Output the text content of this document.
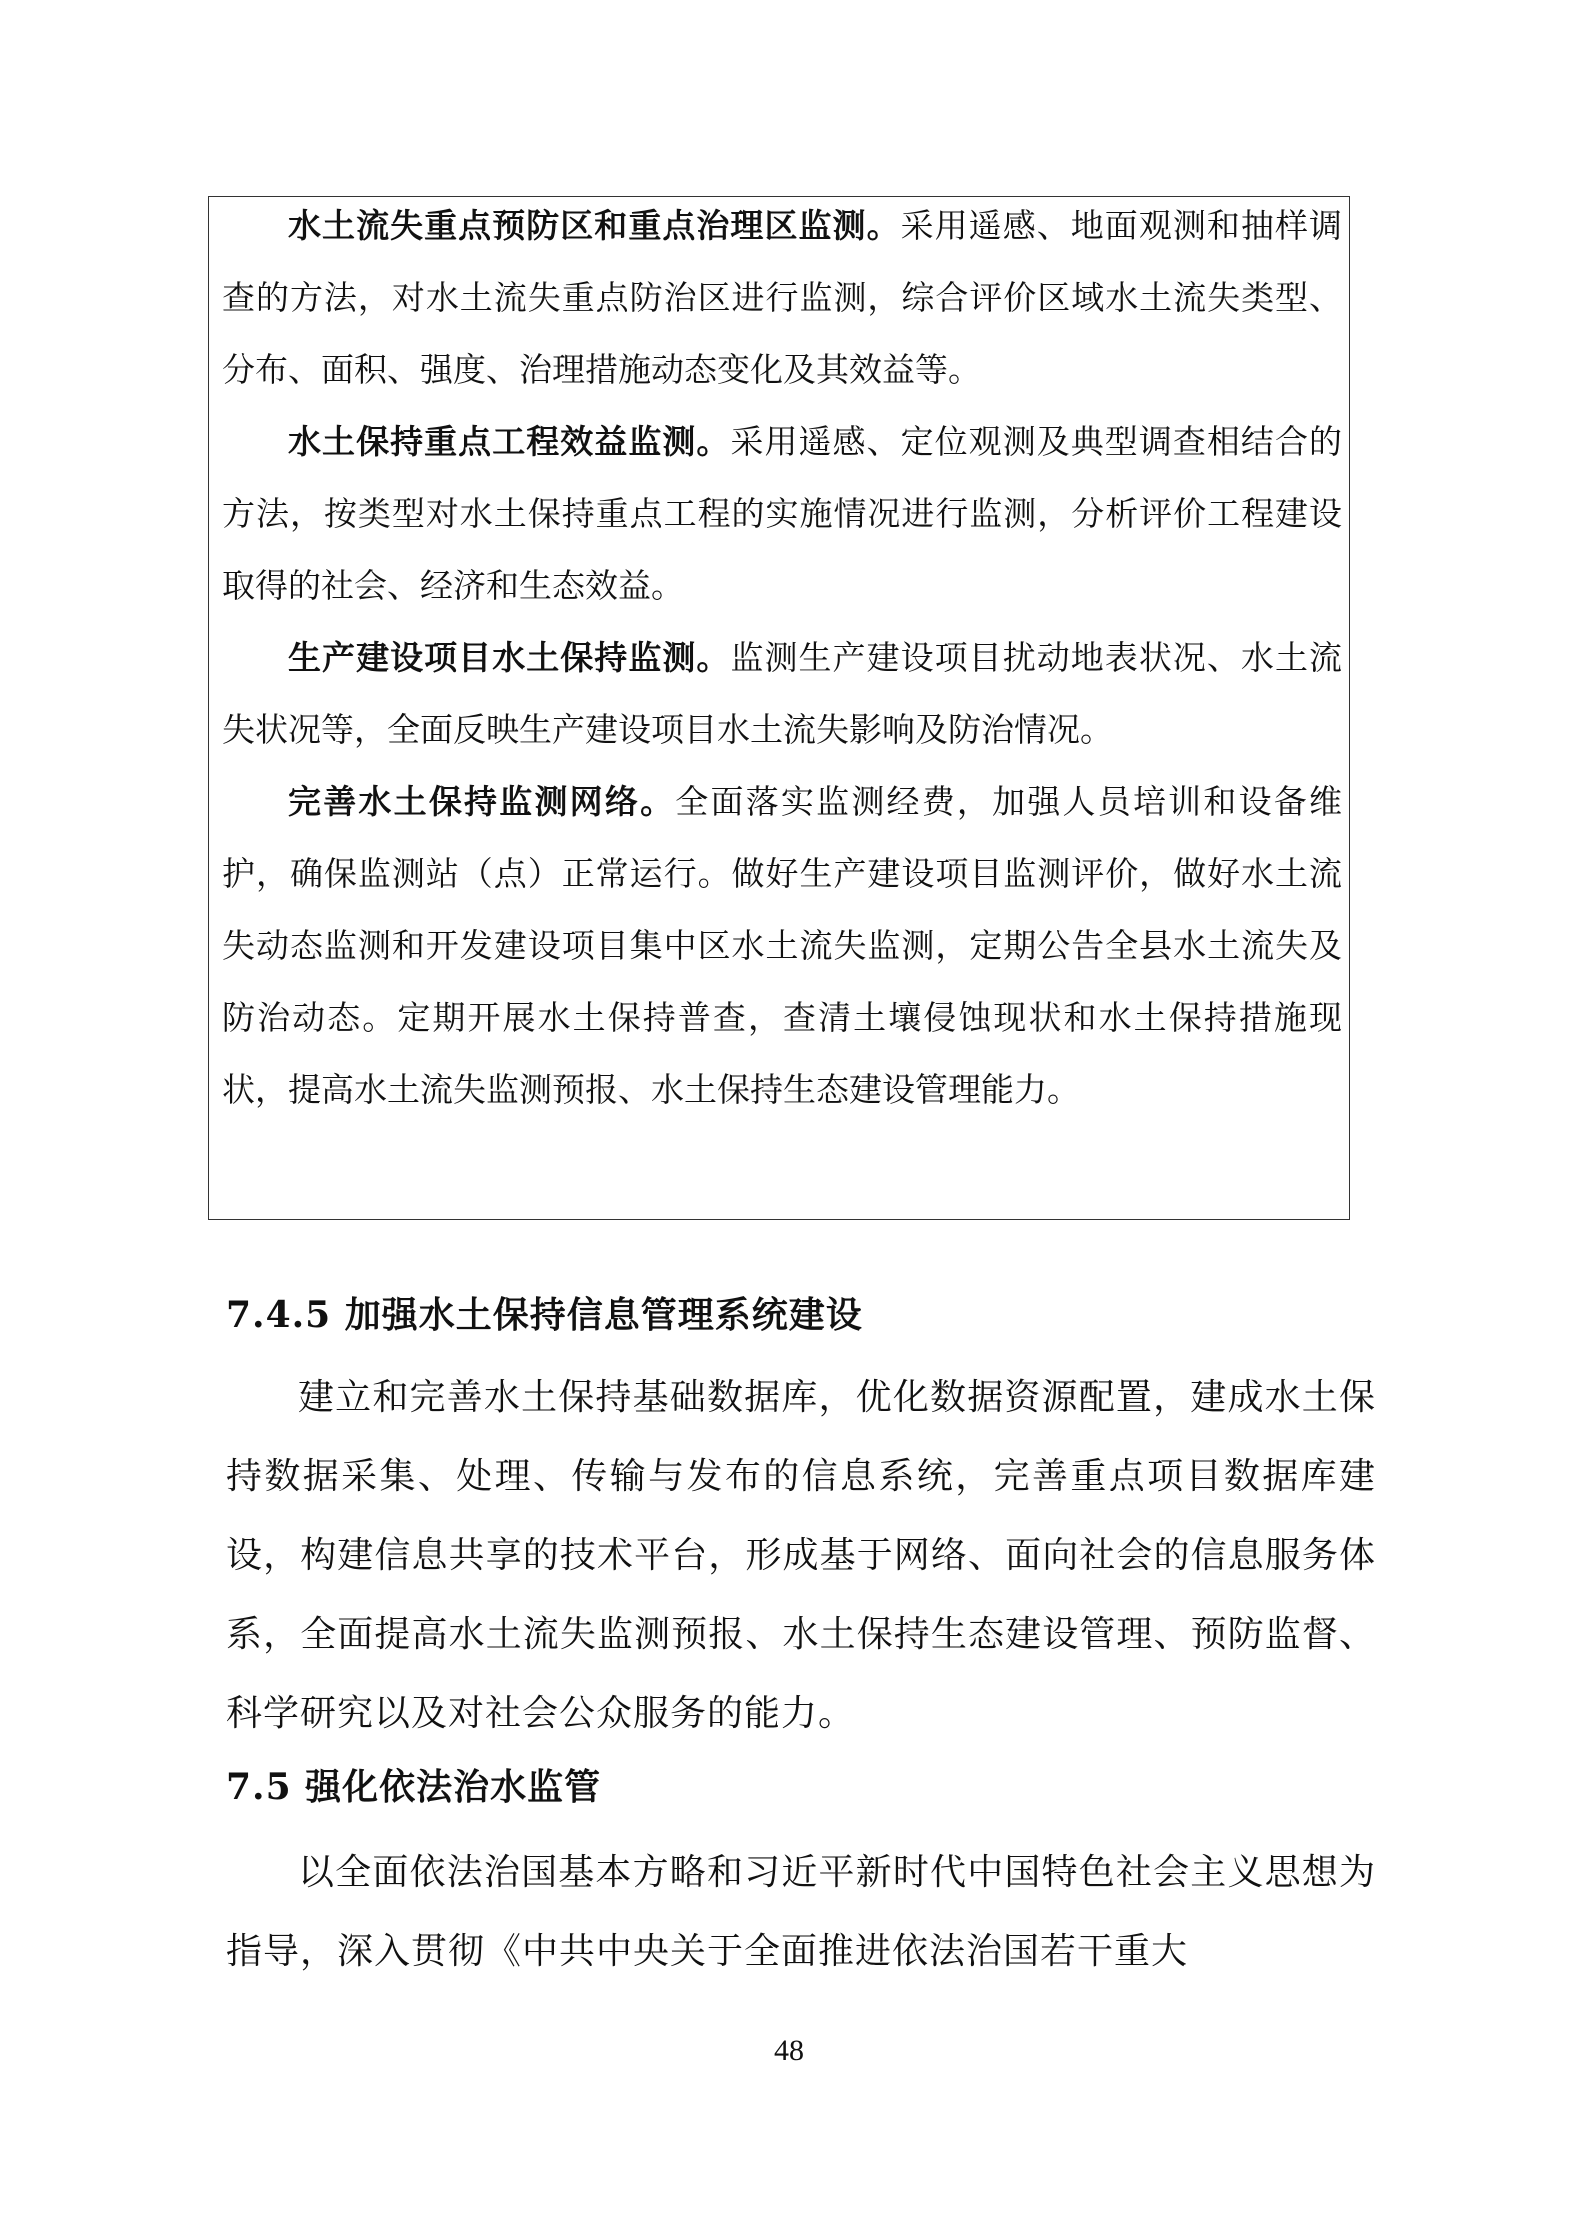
水土流失重点预防区和重点治理区监测。采用遥感、地面观测和抽样调查的方法，对水土流失重点防治区进行监测，综合评价区域水土流失类型、分布、面积、强度、治理措施动态变化及其效益等。

水土保持重点工程效益监测。采用遥感、定位观测及典型调查相结合的方法，按类型对水土保持重点工程的实施情况进行监测，分析评价工程建设取得的社会、经济和生态效益。

生产建设项目水土保持监测。监测生产建设项目扰动地表状况、水土流失状况等，全面反映生产建设项目水土流失影响及防治情况。

完善水土保持监测网络。全面落实监测经费，加强人员培训和设备维护，确保监测站（点）正常运行。做好生产建设项目监测评价，做好水土流失动态监测和开发建设项目集中区水土流失监测，定期公告全县水土流失及防治动态。定期开展水土保持普查，查清土壤侵蚀现状和水土保持措施现状，提高水土流失监测预报、水土保持生态建设管理能力。

7.4.5 加强水土保持信息管理系统建设

建立和完善水土保持基础数据库，优化数据资源配置，建成水土保持数据采集、处理、传输与发布的信息系统，完善重点项目数据库建设，构建信息共享的技术平台，形成基于网络、面向社会的信息服务体系，全面提高水土流失监测预报、水土保持生态建设管理、预防监督、科学研究以及对社会公众服务的能力。

7.5 强化依法治水监管

以全面依法治国基本方略和习近平新时代中国特色社会主义思想为指导，深入贯彻《中共中央关于全面推进依法治国若干重大

48
